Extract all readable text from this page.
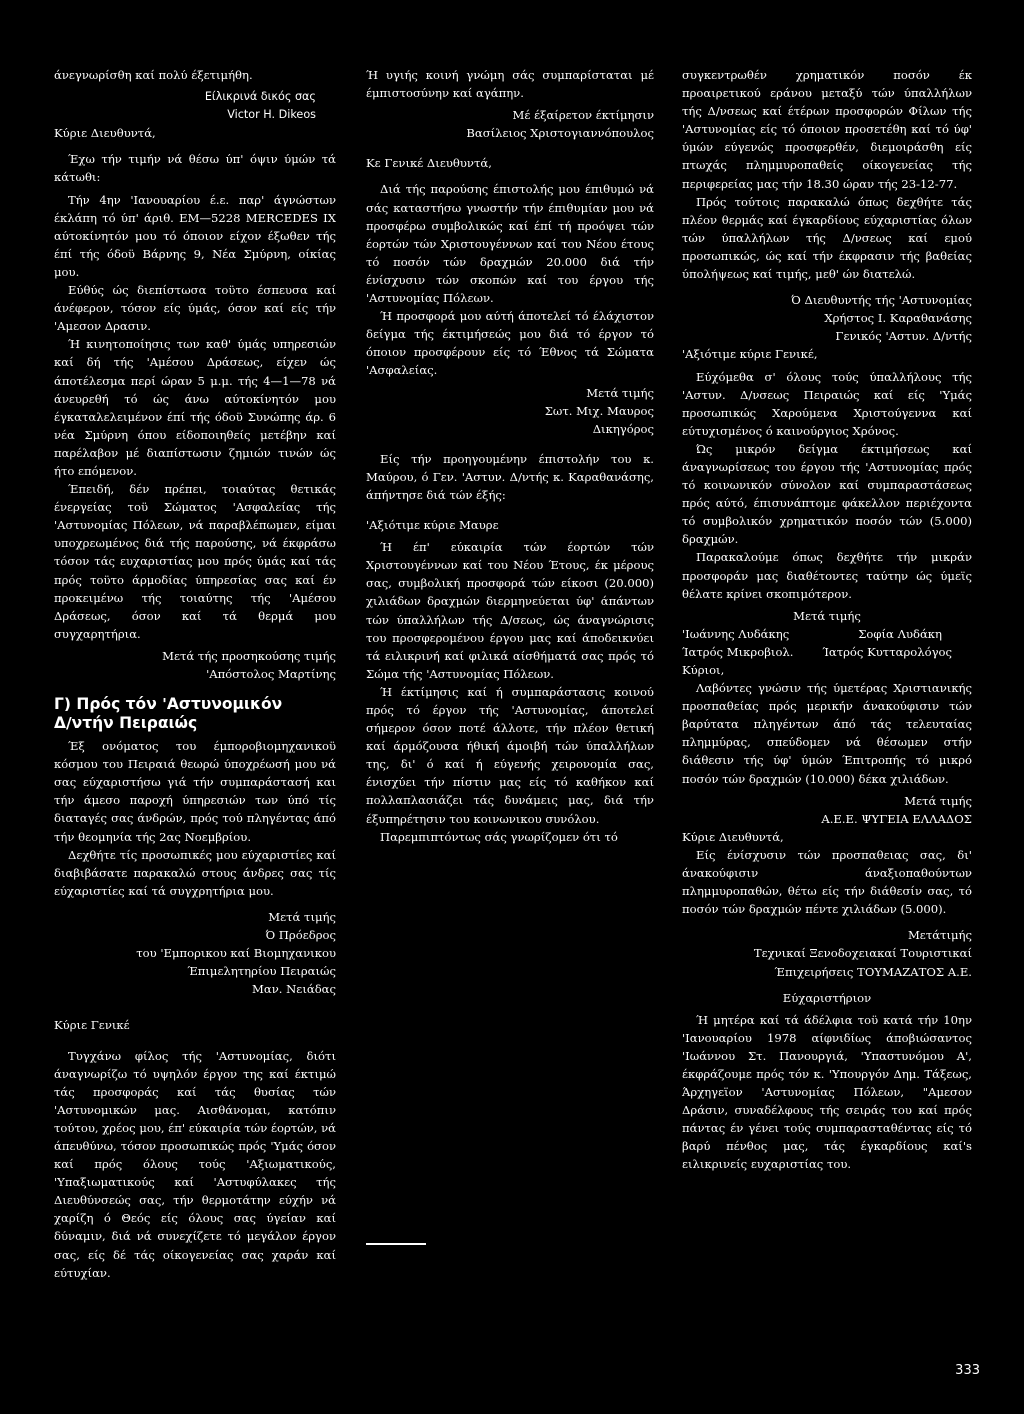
άνεγνωρίσθη καί πολύ έξετιμήθη.

Είλικρινά δικός σας

Victor H. Dikeos

Κύριε Διευθυντά,

Έχω τήν τιμήν νά θέσω ύπ' όψιν ύμών τά κάτωθι:

Τήν 4ην 'Ιανουαρίου έ.ε. παρ' άγνώστων έκλάπη τό ύπ' άριθ. ΕΜ—5228 MERCEDES IX αύτοκίνητόν μου τό όποιον είχον έξωθεν τής έπί τής όδοϋ Βάρνης 9, Νέα Σμύρνη, οίκίας μου.

Εύθύς ώς διεπίστωσα τοϋτο έσπευσα καί άνέφερον, τόσον είς ύμάς, όσον καί είς τήν 'Αμεσον Δρασιν.

Ή κινητοποίησις των καθ' ύμάς υπηρεσιών καί δή τής 'Αμέσου Δράσεως, είχεν ώς άποτέλεσμα περί ώραν 5 μ.μ. τής 4—1—78 νά άνευρεθή τό ώς άνω αύτοκίνητόν μου έγκαταλελειμένον έπί τής όδοϋ Συνώπης άρ. 6 νέα Σμύρνη όπου είδοποιηθείς μετέβην καί παρέλαβον μέ διαπίστωσιν ζημιών τινών ώς ήτο επόμενον.

Έπειδή, δέν πρέπει, τοιαύτας θετικάς ένεργείας τοϋ Σώματος 'Ασφαλείας τής 'Αστυνομίας Πόλεων, νά παραβλέπωμεν, είμαι υποχρεωμένος διά τής παρούσης, νά έκφράσω τόσον τάς ευχαριστίας μου πρός ύμάς καί τάς πρός τοϋτο άρμοδίας ύπηρεσίας σας καί έν προκειμένω τής τοιαύτης τής 'Αμέσου Δράσεως, όσον καί τά θερμά μου συγχαρητήρια.

Μετά τής προσηκούσης τιμής

'Απόστολος Μαρτίνης

Γ) Πρός τόν 'Αστυνομικόν
Δ/ντήν Πειραιώς

Έξ ονόματος του έμποροβιομηχανικοϋ κόσμου του Πειραιά θεωρώ ύποχρέωσή μου νά σας εύχαριστήσω γιά τήν συμπαράστασή και τήν άμεσο παροχή ύπηρεσιών των ύπό τίς διαταγές σας άνδρών, πρός τού πληγέντας άπό τήν θεομηνία τής 2ας Νοεμβρίου.

Δεχθήτε τίς προσωπικές μου εύχαριστίες καί διαβιβάσατε παρακαλώ στους άνδρες σας τίς εύχαριστίες καί τά συγχρητήρια μου.

Μετά τιμής

Ό Πρόεδρος

του 'Εμπορικου καί Βιομηχανικου

Έπιμελητηρίου Πειραιώς

Μαν. Νειάδας

Κύριε Γενικέ

Τυγχάνω φίλος τής 'Αστυνομίας, διότι άναγνωρίζω τό υψηλόν έργον της καί έκτιμώ τάς προσφοράς καί τάς θυσίας τών 'Αστυνομικών μας. Αισθάνομαι, κατόπιν τούτου, χρέος μου, έπ' εύκαιρία τών έορτών, νά άπευθύνω, τόσον προσωπικώς πρός 'Υμάς όσον καί πρός όλους τούς 'Αξιωματικούς, 'Υπαξιωματικούς καί 'Αστυφύλακες τής Διευθύνσεώς σας, τήν θερμοτάτην εύχήν νά χαρίζη ό Θεός είς όλους σας ύγείαν καί δύναμιν, διά νά συνεχίζετε τό μεγάλον έργον σας, είς δέ τάς οίκογενείας σας χαράν καί εύτυχίαν.

Ή υγιής κοινή γνώμη σάς συμπαρίσταται μέ έμπιστοσύνην καί αγάπην.

Μέ έξαίρετον έκτίμησιν

Βασίλειος Χριστογιαννόπουλος

Κε Γενικέ Διευθυντά,

Διά τής παρούσης έπιστολής μου έπιθυμώ νά σάς καταστήσω γνωστήν τήν έπιθυμίαν μου νά προσφέρω συμβολικώς καί έπί τή προόψει τών έορτών τών Χριστουγέννων καί του Νέου έτους τό ποσόν τών δραχμών 20.000 διά τήν ένίσχυσιν τών σκοπών καί του έργου τής 'Αστυνομίας Πόλεων.

Ή προσφορά μου αύτή άποτελεί τό έλάχιστον δείγμα τής έκτιμήσεώς μου διά τό έργον τό όποιον προσφέρουν είς τό Έθνος τά Σώματα 'Ασφαλείας.

Μετά τιμής

Σωτ. Μιχ. Μαυρος

Δικηγόρος

Είς τήν προηγουμένην έπιστολήν του κ. Μαύρου, ό Γεν. 'Αστυν. Δ/ντής κ. Καραθανάσης, άπήντησε διά τών έξής:

'Αξιότιμε κύριε Μαυρε

Ή έπ' εύκαιρία τών έορτών τών Χριστουγέννων καί του Νέου Έτους, έκ μέρους σας, συμβολική προσφορά τών είκοσι (20.000) χιλιάδων δραχμών διερμηνεύεται ύφ' άπάντων τών ύπαλλήλων τής Δ/σεως, ώς άναγνώρισις του προσφερομένου έργου μας καί άποδεικνύει τά ειλικρινή καί φιλικά αίσθήματά σας πρός τό Σώμα τής 'Αστυνομίας Πόλεων.

Ή έκτίμησις καί ή συμπαράστασις κοινού πρός τό έργον τής 'Αστυνομίας, άποτελεί σήμερον όσον ποτέ άλλοτε, τήν πλέον θετική καί άρμόζουσα ήθική άμοιβή τών ύπαλλήλων της, δι' ό καί ή εύγενής χειρονομία σας, ένισχύει τήν πίστιν μας είς τό καθήκον καί πολλαπλασιάζει τάς δυνάμεις μας, διά τήν έξυπηρέτησιν του κοινωνικου συνόλου.

Παρεμπιπτόντως σάς γνωρίζομεν ότι τό

συγκεντρωθέν χρηματικόν ποσόν έκ προαιρετικού εράνου μεταξύ τών ύπαλλήλων τής Δ/νσεως καί έτέρων προσφορών Φίλων τής 'Αστυνομίας είς τό όποιον προσετέθη καί τό ύφ' ύμών εύγενώς προσφερθέν, διεμοιράσθη είς πτωχάς πλημμυροπαθείς οίκογενείας τής περιφερείας μας τήν 18.30 ώραν τής 23-12-77.

Πρός τούτοις παρακαλώ όπως δεχθήτε τάς πλέον θερμάς καί έγκαρδίους εύχαριστίας όλων τών ύπαλλήλων τής Δ/νσεως καί εμού προσωπικώς, ώς καί τήν έκφρασιν τής βαθείας ύπολήψεως καί τιμής, μεθ' ών διατελώ.

Ό Διευθυντής τής 'Αστυνομίας

Χρήστος Ι. Καραθανάσης

Γενικός 'Αστυν. Δ/ντής

'Αξιότιμε κύριε Γενικέ,

Εύχόμεθα σ' όλους τούς ύπαλλήλους τής 'Αστυν. Δ/νσεως Πειραιώς καί είς 'Υμάς προσωπικώς Χαρούμενα Χριστούγεννα καί εύτυχισμένος ό καινούργιος Χρόνος.

Ώς μικρόν δείγμα έκτιμήσεως καί άναγνωρίσεως του έργου τής 'Αστυνομίας πρός τό κοινωνικόν σύνολον καί συμπαραστάσεως πρός αύτό, έπισυνάπτομε φάκελλον περιέχοντα τό συμβολικόν χρηματικόν ποσόν τών (5.000) δραχμών.

Παρακαλούμε όπως δεχθήτε τήν μικράν προσφοράν μας διαθέτοντες ταύτην ώς ύμεϊς θέλατε κρίνει σκοπιμότερον.

Μετά τιμής

'Ιωάννης Λυδάκης	Σοφία Λυδάκη
Ίατρός Μικροβιολ. Ίατρός Κυτταρολόγος

Κύριοι,

Λαβόντες γνώσιν τής ύμετέρας Χριστιανικής προσπαθείας πρός μερικήν άνακούφισιν τών βαρύτατα πληγέντων άπό τάς τελευταίας πλημμύρας, σπεύδομεν νά θέσωμεν στήν διάθεσιν τής ύφ' ύμών Έπιτροπής τό μικρό ποσόν τών δραχμών (10.000) δέκα χιλιάδων.

Μετά τιμής

Α.Ε.Ε. ΨΥΓΕΙΑ ΕΛΛΑΔΟΣ

Κύριε Διευθυντά,

Είς ένίσχυσιν τών προσπαθειας σας, δι' άνακούφισιν άναξιοπαθούντων πλημμυροπαθών, θέτω είς τήν διάθεσίν σας, τό ποσόν τών δραχμών πέντε χιλιάδων (5.000).

Μετάτιμής

Τεχνικαί Ξενοδοχειακαί Τουριστικαί

Έπιχειρήσεις ΤΟΥΜΑΖΑΤΟΣ Α.Ε.

Εύχαριστήριον

Ή μητέρα καί τά άδέλφια τοϋ κατά τήν 10ην 'Ιανουαρίου 1978 αίφνιδίως άποβιώσαντος 'Ιωάννου Στ. Πανουργιά, 'Υπαστυνόμου Α', έκφράζουμε πρός τόν κ. 'Υπουργόν Δημ. Τάξεως, Άρχηγεϊον 'Αστυνομίας Πόλεων, "Αμεσον Δράσιν, συναδέλφους τής σειράς του καί πρός πάντας έν γένει τούς συμπαρασταθέντας είς τό βαρύ πένθος μας, τάς έγκαρδίους καί's ειλικρινείς ευχαριστίας του.

333
